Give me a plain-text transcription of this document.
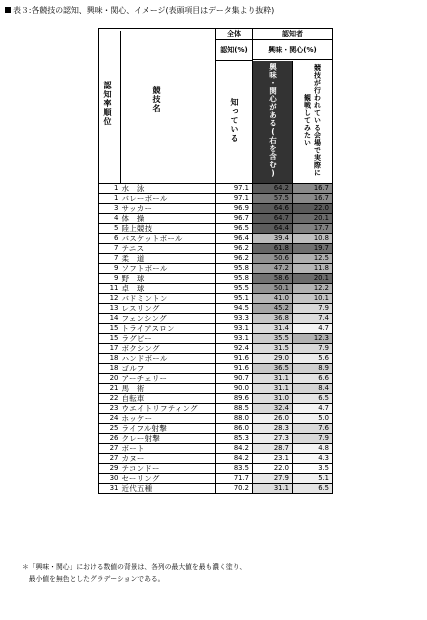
表３:各競技の認知、興味・関心、イメージ(表頭項目はデータ集より抜粋)
認知率順位 競技名		全体	認知者	
		認知(%)	興味・関心(%)	

		知っている	興味・関心がある(右を含む)	競技が行われている会場で実際に観戦してみたい
1	水　泳	97.1	64.2	16.7
1	バレーボール	97.1	57.5	16.7
3	サッカー	96.9	64.6	22.0
4	体　操	96.7	64.7	20.1
5	陸上競技	96.5	64.4	17.7
6	バスケットボール	96.4	39.4	10.8
7	テニス	96.2	61.8	19.7
7	柔　道	96.2	50.6	12.5
9	ソフトボール	95.8	47.2	11.8
9	野　球	95.8	58.6	20.1
11	卓　球	95.5	50.1	12.2
12	バドミントン	95.1	41.0	10.1
13	レスリング	94.5	45.2	7.9
14	フェンシング	93.3	36.8	7.4
15	トライアスロン	93.1	31.4	4.7
15	ラグビー	93.1	35.5	12.3
17	ボクシング	92.4	31.5	7.9
18	ハンドボール	91.6	29.0	5.6
18	ゴルフ	91.6	36.5	8.9
20	アーチェリー	90.7	31.1	6.6
21	馬　術	90.0	31.1	8.4
22	自転車	89.6	31.0	6.5
23	ウエイトリフティング	88.5	32.4	4.7
24	ホッケー	88.0	26.0	5.0
25	ライフル射撃	86.0	28.3	7.6
26	クレー射撃	85.3	27.3	7.9
27	ボート	84.2	28.7	4.8
27	カヌー	84.2	23.1	4.3
29	テコンドー	83.5	22.0	3.5
30	セーリング	71.7	27.9	5.1
31	近代五種	70.2	31.1	6.5
＊「興味・関心」における数値の背景は、各列の最大値を最も濃く塗り、
　最小値を無色としたグラデーションである。
